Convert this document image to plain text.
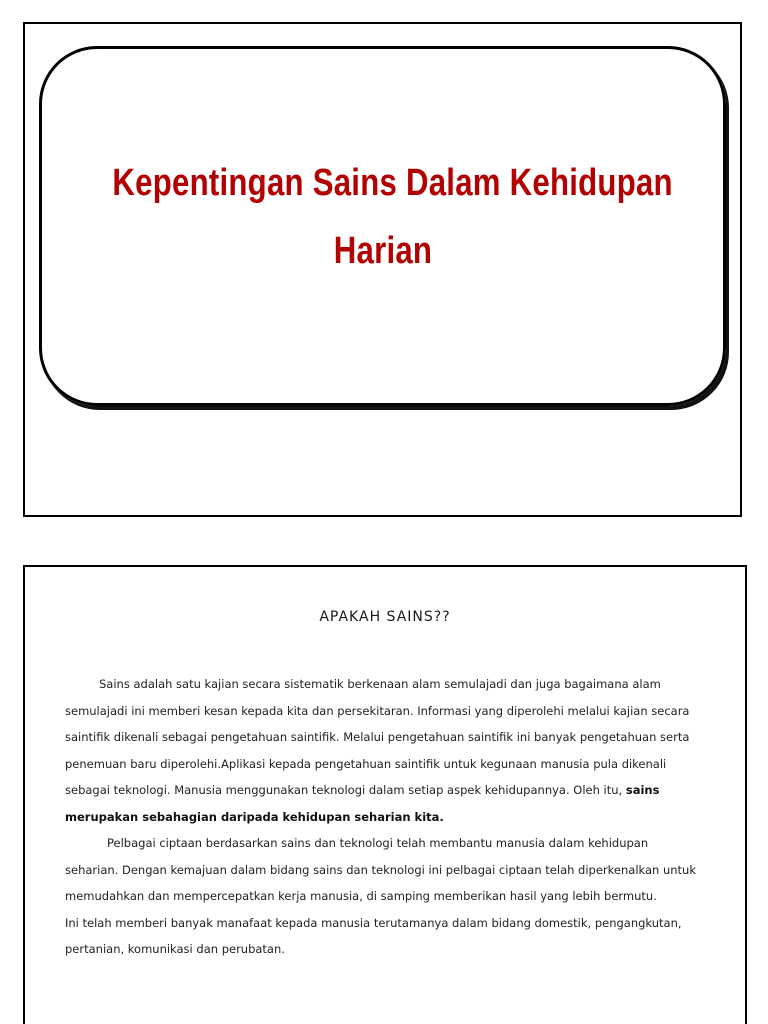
Kepentingan Sains Dalam Kehidupan
Harian
APAKAH SAINS??

Sains adalah satu kajian secara sistematik berkenaan alam semulajadi dan juga bagaimana alam
semulajadi ini memberi kesan kepada kita dan persekitaran. Informasi yang diperolehi melalui kajian secara
saintifik dikenali sebagai pengetahuan saintifik. Melalui pengetahuan saintifik ini banyak pengetahuan serta
penemuan baru diperolehi.Aplikasi kepada pengetahuan saintifik untuk kegunaan manusia pula dikenali
sebagai teknologi. Manusia menggunakan teknologi dalam setiap aspek kehidupannya. Oleh itu, sains
merupakan sebahagian daripada kehidupan seharian kita.

Pelbagai ciptaan berdasarkan sains dan teknologi telah membantu manusia dalam kehidupan
seharian. Dengan kemajuan dalam bidang sains dan teknologi ini pelbagai ciptaan telah diperkenalkan untuk
memudahkan dan mempercepatkan kerja manusia, di samping memberikan hasil yang lebih bermutu.
Ini telah memberi banyak manafaat kepada manusia terutamanya dalam bidang domestik, pengangkutan,
pertanian, komunikasi dan perubatan.
